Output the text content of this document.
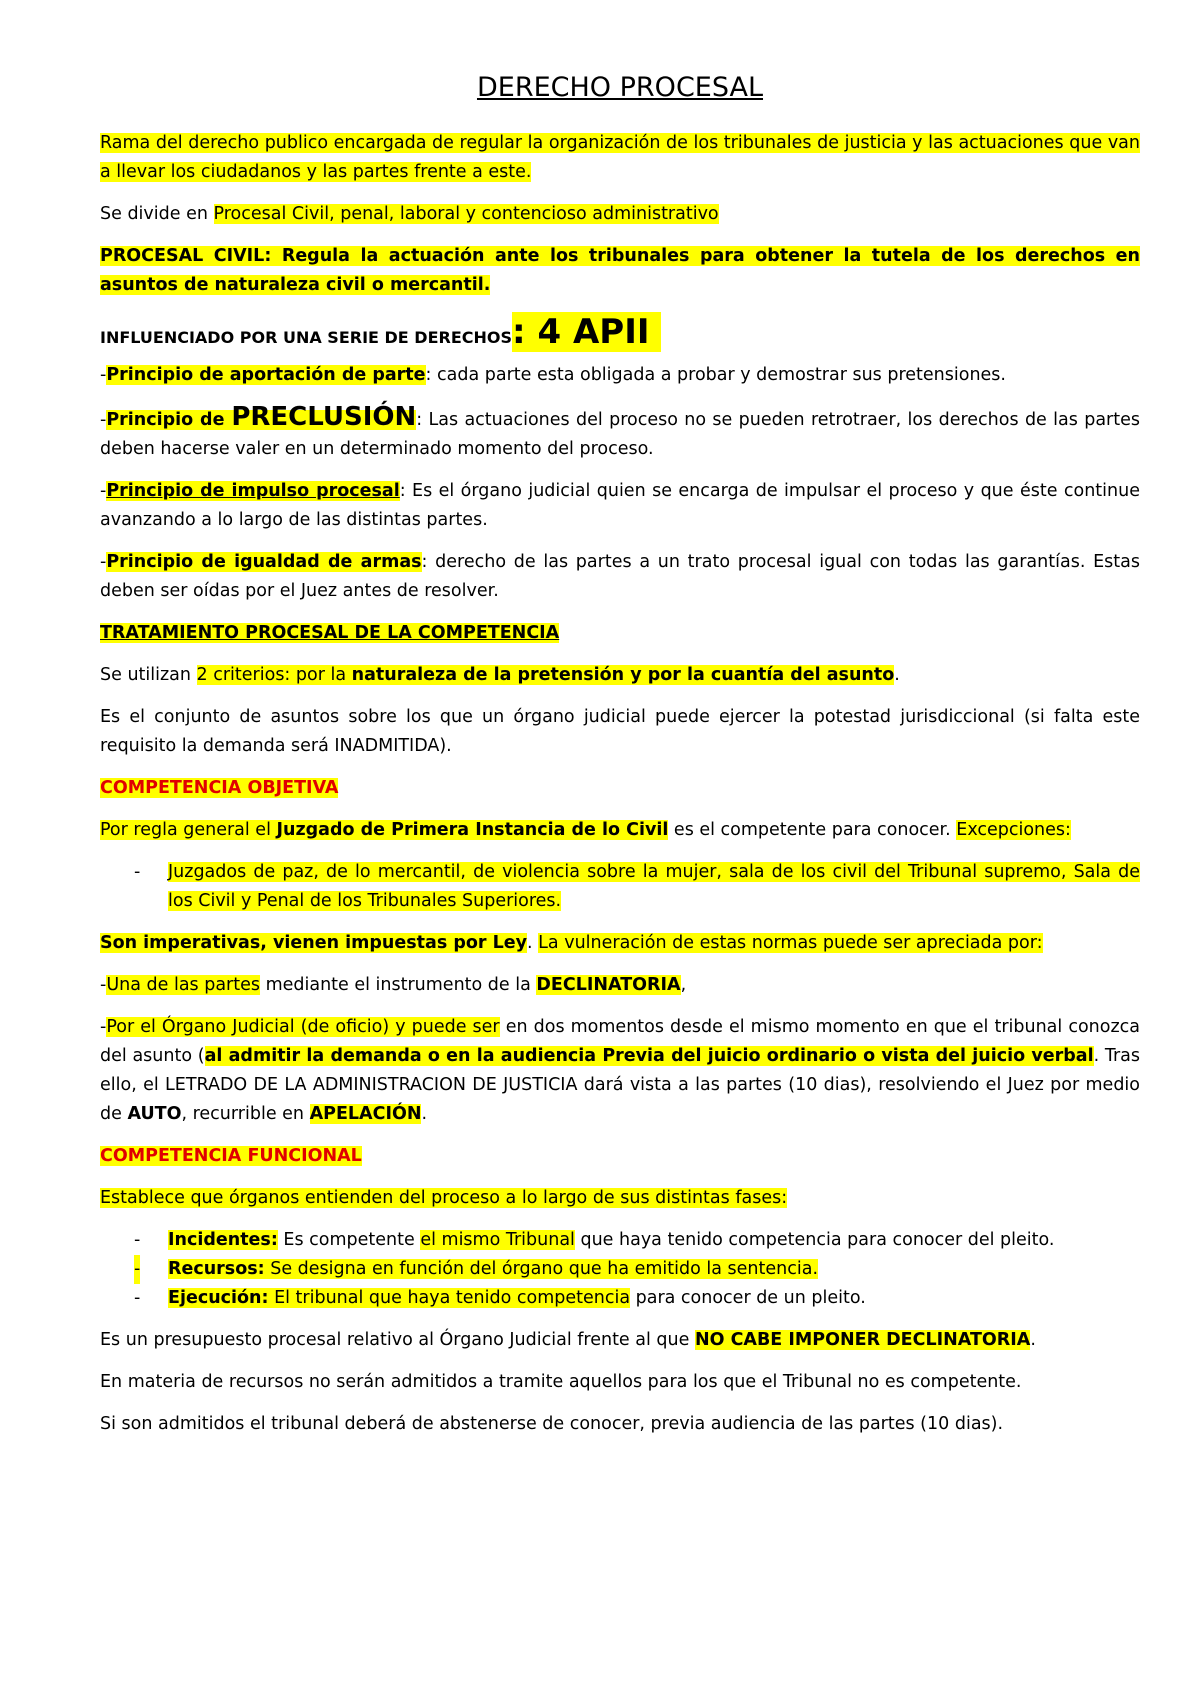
DERECHO PROCESAL

Rama del derecho publico encargada de regular la organización de los tribunales de justicia y las actuaciones que van a llevar los ciudadanos y las partes frente a este.

Se divide en Procesal Civil, penal, laboral y contencioso administrativo

PROCESAL CIVIL: Regula la actuación ante los tribunales para obtener la tutela de los derechos en asuntos de naturaleza civil o mercantil.

INFLUENCIADO POR UNA SERIE DE DERECHOS: 4 APII

-Principio de aportación de parte: cada parte esta obligada a probar y demostrar sus pretensiones.

-Principio de PRECLUSIÓN: Las actuaciones del proceso no se pueden retrotraer, los derechos de las partes deben hacerse valer en un determinado momento del proceso.

-Principio de impulso procesal: Es el órgano judicial quien se encarga de impulsar el proceso y que éste continue avanzando a lo largo de las distintas partes.

-Principio de igualdad de armas: derecho de las partes a un trato procesal igual con todas las garantías. Estas deben ser oídas por el Juez antes de resolver.

TRATAMIENTO PROCESAL DE LA COMPETENCIA

Se utilizan 2 criterios: por la naturaleza de la pretensión y por la cuantía del asunto.

Es el conjunto de asuntos sobre los que un órgano judicial puede ejercer la potestad jurisdiccional (si falta este requisito la demanda será INADMITIDA).

COMPETENCIA OBJETIVA

Por regla general el Juzgado de Primera Instancia de lo Civil es el competente para conocer. Excepciones:

- Juzgados de paz, de lo mercantil, de violencia sobre la mujer, sala de los civil del Tribunal supremo, Sala de los Civil y Penal de los Tribunales Superiores.

Son imperativas, vienen impuestas por Ley. La vulneración de estas normas puede ser apreciada por:

-Una de las partes mediante el instrumento de la DECLINATORIA,

-Por el Órgano Judicial (de oficio) y puede ser en dos momentos desde el mismo momento en que el tribunal conozca del asunto (al admitir la demanda o en la audiencia Previa del juicio ordinario o vista del juicio verbal. Tras ello, el LETRADO DE LA ADMINISTRACION DE JUSTICIA dará vista a las partes (10 dias), resolviendo el Juez por medio de AUTO, recurrible en APELACIÓN.

COMPETENCIA FUNCIONAL

Establece que órganos entienden del proceso a lo largo de sus distintas fases:

- Incidentes: Es competente el mismo Tribunal que haya tenido competencia para conocer del pleito.
- Recursos: Se designa en función del órgano que ha emitido la sentencia.
- Ejecución: El tribunal que haya tenido competencia para conocer de un pleito.

Es un presupuesto procesal relativo al Órgano Judicial frente al que NO CABE IMPONER DECLINATORIA.

En materia de recursos no serán admitidos a tramite aquellos para los que el Tribunal no es competente.

Si son admitidos el tribunal deberá de abstenerse de conocer, previa audiencia de las partes (10 dias).
